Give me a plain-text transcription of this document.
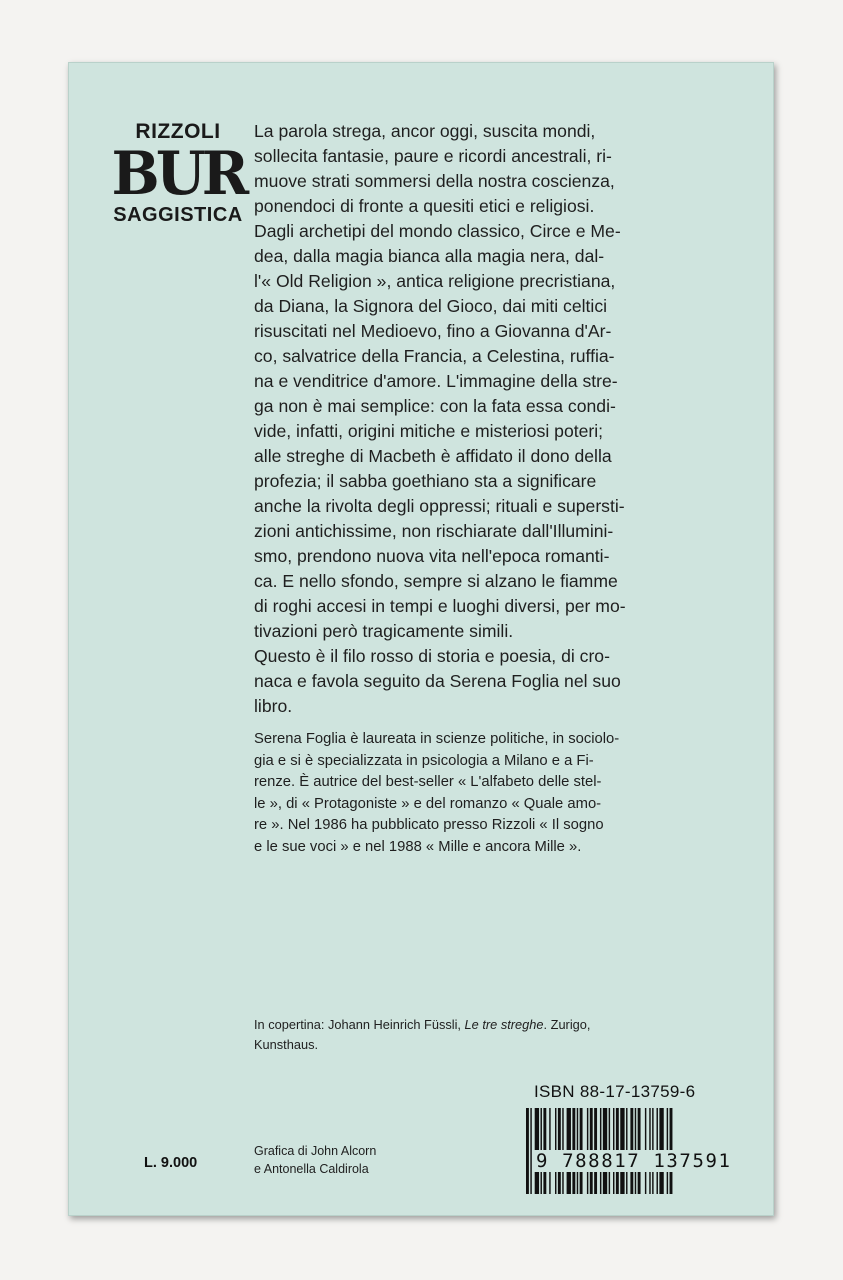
RIZZOLI
BUR
SAGGISTICA

La parola strega, ancor oggi, suscita mondi,
sollecita fantasie, paure e ricordi ancestrali, ri-
muove strati sommersi della nostra coscienza,
ponendoci di fronte a quesiti etici e religiosi.

Dagli archetipi del mondo classico, Circe e Me-
dea, dalla magia bianca alla magia nera, dal-
l'« Old Religion », antica religione precristiana,
da Diana, la Signora del Gioco, dai miti celtici
risuscitati nel Medioevo, fino a Giovanna d'Ar-
co, salvatrice della Francia, a Celestina, ruffia-
na e venditrice d'amore. L'immagine della stre-
ga non è mai semplice: con la fata essa condi-
vide, infatti, origini mitiche e misteriosi poteri;
alle streghe di Macbeth è affidato il dono della
profezia; il sabba goethiano sta a significare
anche la rivolta degli oppressi; rituali e supersti-
zioni antichissime, non rischiarate dall'Illumini-
smo, prendono nuova vita nell'epoca romanti-
ca. E nello sfondo, sempre si alzano le fiamme
di roghi accesi in tempi e luoghi diversi, per mo-
tivazioni però tragicamente simili.

Questo è il filo rosso di storia e poesia, di cro-
naca e favola seguito da Serena Foglia nel suo
libro.

Serena Foglia è laureata in scienze politiche, in sociolo-
gia e si è specializzata in psicologia a Milano e a Fi-
renze. È autrice del best-seller « L'alfabeto delle stel-
le », di « Protagoniste » e del romanzo « Quale amo-
re ». Nel 1986 ha pubblicato presso Rizzoli « Il sogno
e le sue voci » e nel 1988 « Mille e ancora Mille ».

In copertina: Johann Heinrich Füssli, Le tre streghe. Zurigo,
Kunsthaus.
ISBN 88-17-13759-6
9 788817 137591
Grafica di John Alcorn
e Antonella Caldirola
L. 9.000
